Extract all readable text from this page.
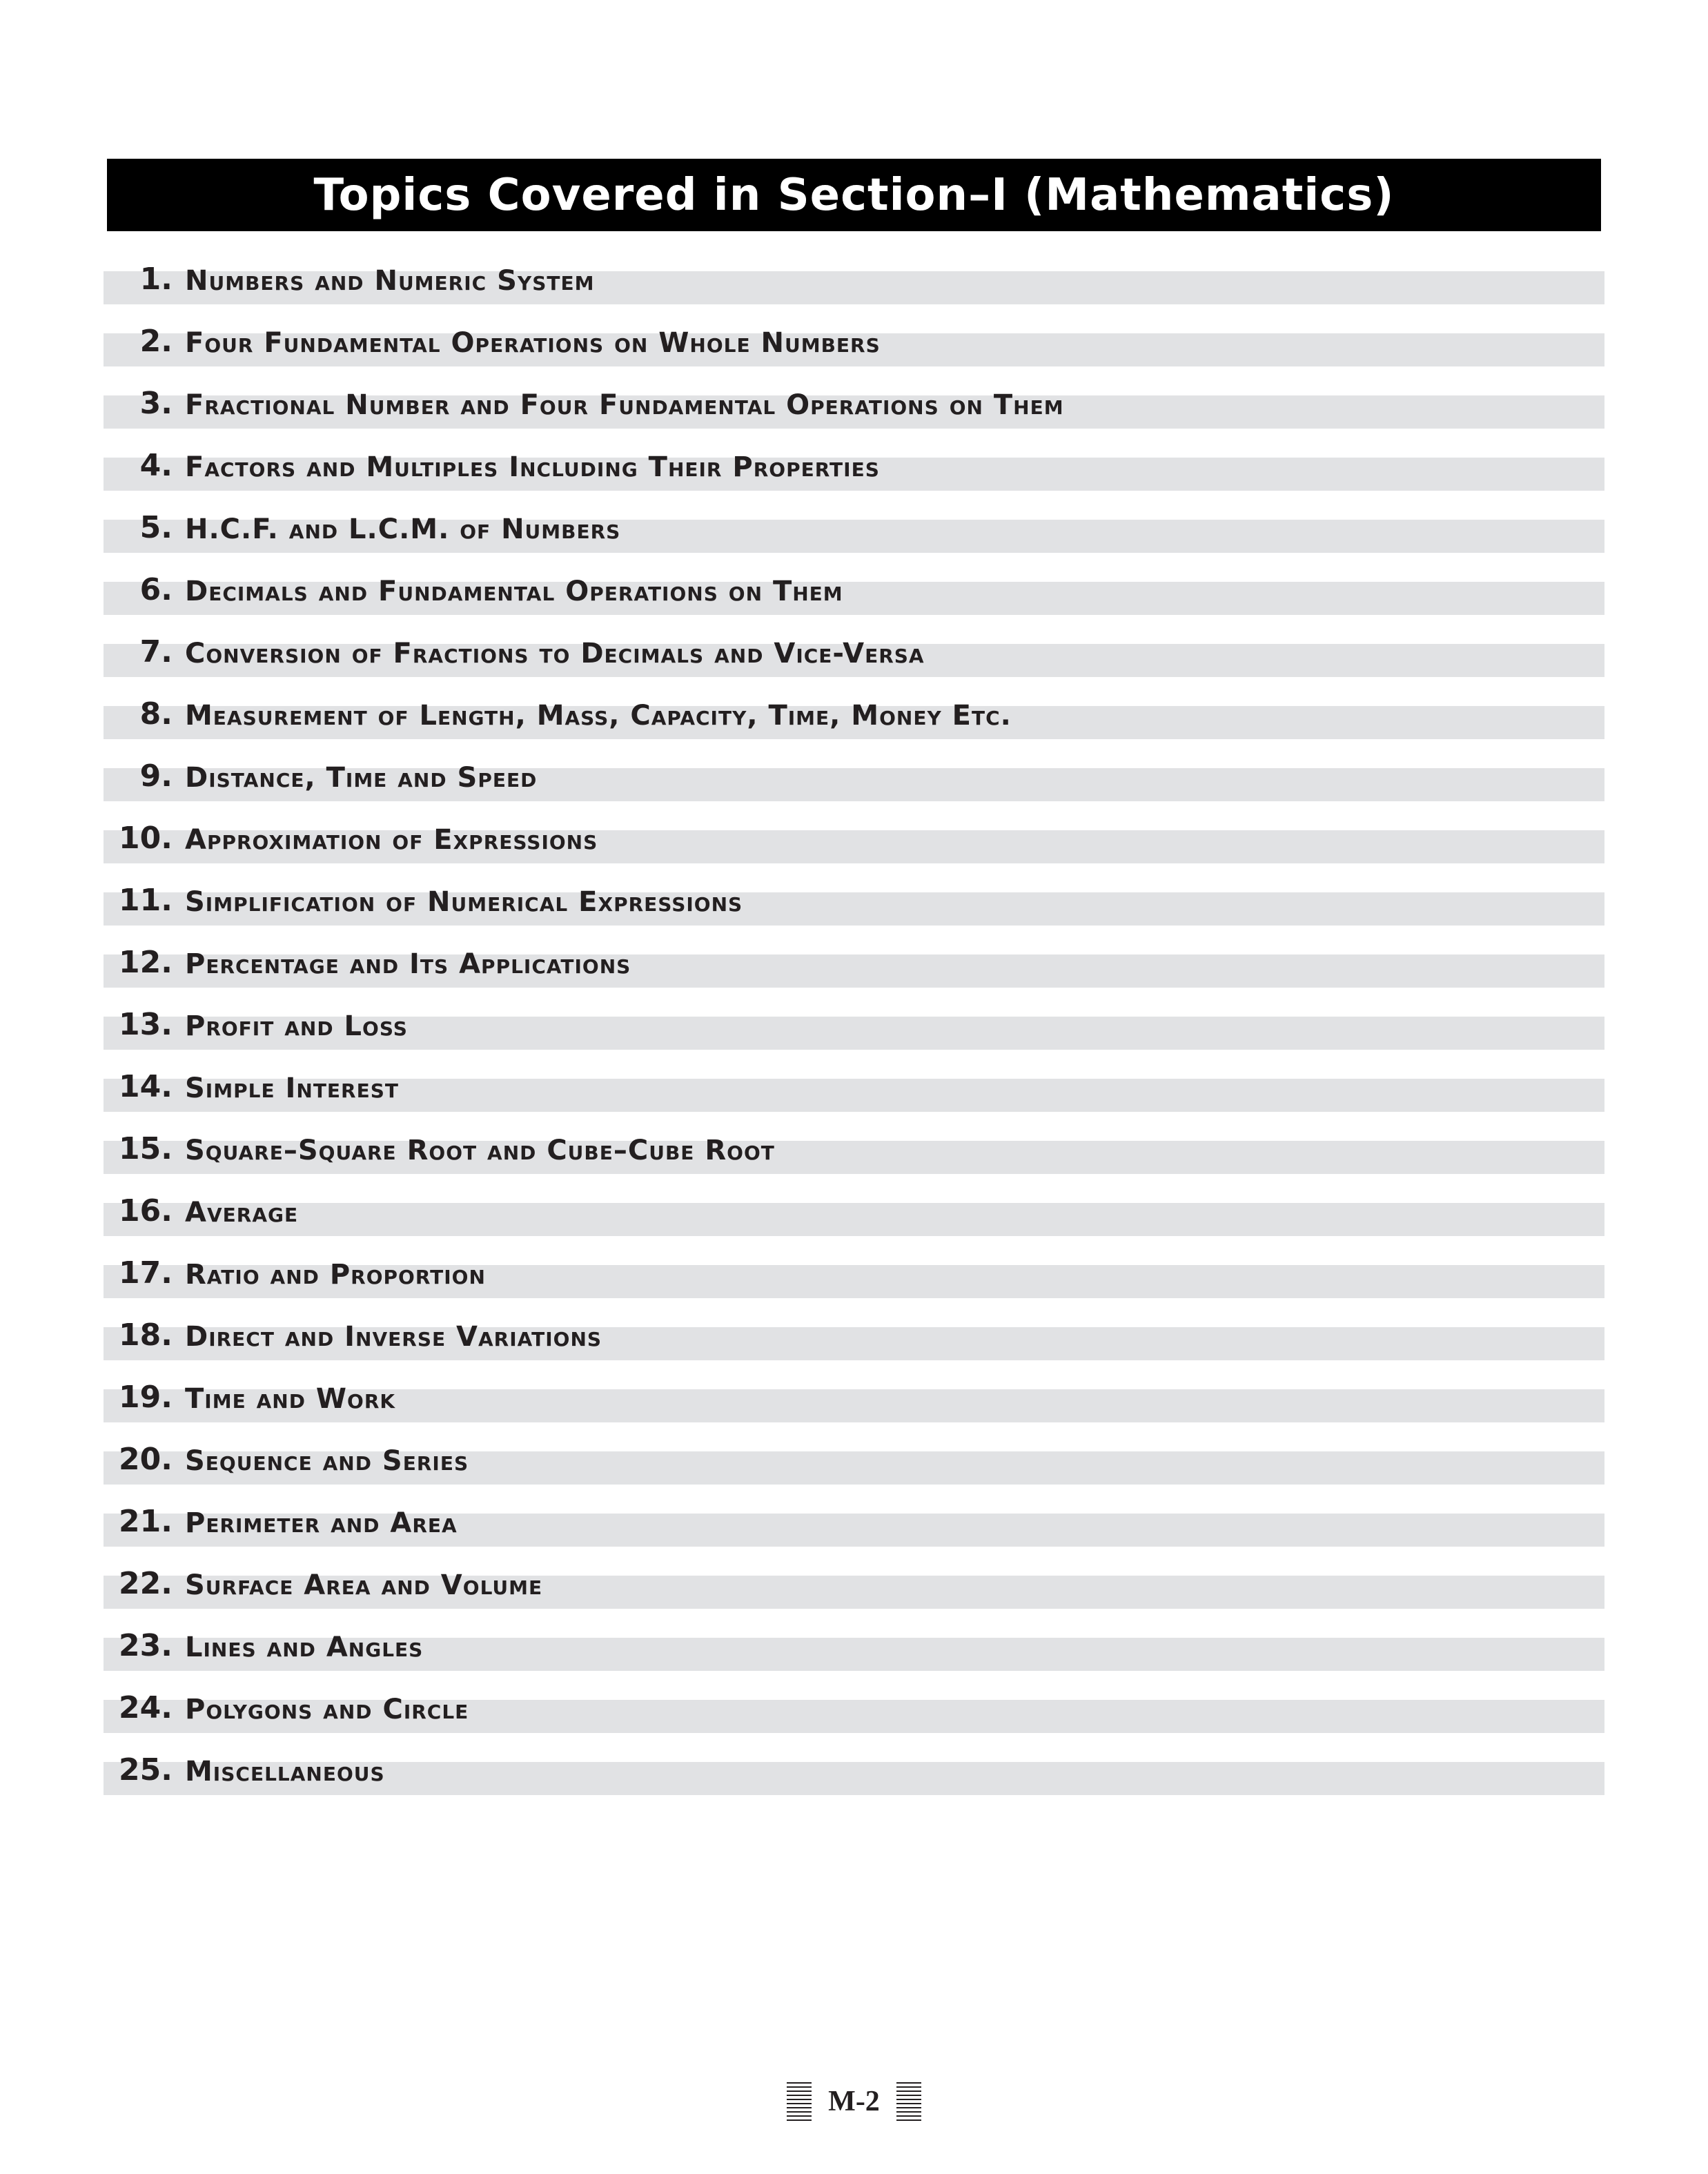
Topics Covered in Section–I (Mathematics)
1. Numbers and Numeric System
2. Four Fundamental Operations on Whole Numbers
3. Fractional Number and Four Fundamental Operations on Them
4. Factors and Multiples Including Their Properties
5. H.C.F. and L.C.M. of Numbers
6. Decimals and Fundamental Operations on Them
7. Conversion of Fractions to Decimals and Vice-Versa
8. Measurement of Length, Mass, Capacity, Time, Money Etc.
9. Distance, Time and Speed
10. Approximation of Expressions
11. Simplification of Numerical Expressions
12. Percentage and Its Applications
13. Profit and Loss
14. Simple Interest
15. Square–Square Root and Cube–Cube Root
16. Average
17. Ratio and Proportion
18. Direct and Inverse Variations
19. Time and Work
20. Sequence and Series
21. Perimeter and Area
22. Surface Area and Volume
23. Lines and Angles
24. Polygons and Circle
25. Miscellaneous
M-2
